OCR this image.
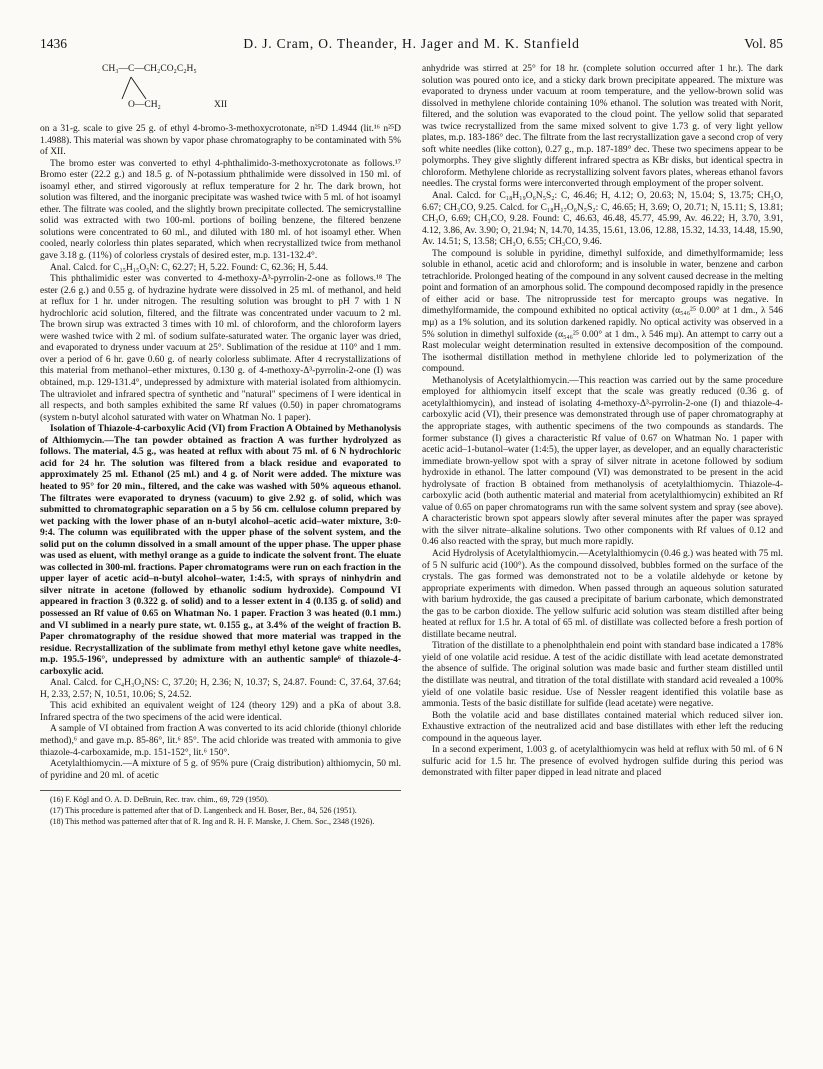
1436	D. J. Cram, O. Theander, H. Jager and M. K. Stanfield	Vol. 85
CH₃—C—CH₂CO₂C₂H₅
O—CH₂	XII

on a 31-g. scale to give 25 g. of ethyl 4-bromo-3-methoxycrotonate, n²⁵D 1.4944 (lit.¹⁶ n²⁵D 1.4988). This material was shown by vapor phase chromatography to be contaminated with 5% of XII.

The bromo ester was converted to ethyl 4-phthalimido-3-methoxycrotonate as follows.¹⁷ Bromo ester (22.2 g.) and 18.5 g. of N-potassium phthalimide were dissolved in 150 ml. of isoamyl ether, and stirred vigorously at reflux temperature for 2 hr. The dark brown, hot solution was filtered, and the inorganic precipitate was washed twice with 5 ml. of hot isoamyl ether. The filtrate was cooled, and the slightly brown precipitate collected. The semicrystalline solid was extracted with two 100-ml. portions of boiling benzene, the filtered benzene solutions were concentrated to 60 ml., and diluted with 180 ml. of hot isoamyl ether. When cooled, nearly colorless thin plates separated, which when recrystallized twice from methanol gave 3.18 g. (11%) of colorless crystals of desired ester, m.p. 131-132.4°.

Anal. Calcd. for C₁₅H₁₅O₅N: C, 62.27; H, 5.22. Found: C, 62.36; H, 5.44.

This phthalimidic ester was converted to 4-methoxy-Δ³-pyrrolin-2-one as follows.¹⁸ The ester (2.6 g.) and 0.55 g. of hydrazine hydrate were dissolved in 25 ml. of methanol, and held at reflux for 1 hr. under nitrogen. The resulting solution was brought to pH 7 with 1 N hydrochloric acid solution, filtered, and the filtrate was concentrated under vacuum to 2 ml. The brown sirup was extracted 3 times with 10 ml. of chloroform, and the chloroform layers were washed twice with 2 ml. of sodium sulfate-saturated water. The organic layer was dried, and evaporated to dryness under vacuum at 25°. Sublimation of the residue at 110° and 1 mm. over a period of 6 hr. gave 0.60 g. of nearly colorless sublimate. After 4 recrystallizations of this material from methanol–ether mixtures, 0.130 g. of 4-methoxy-Δ³-pyrrolin-2-one (I) was obtained, m.p. 129-131.4°, undepressed by admixture with material isolated from althiomycin. The ultraviolet and infrared spectra of synthetic and "natural" specimens of I were identical in all respects, and both samples exhibited the same Rf values (0.50) in paper chromatograms (system n-butyl alcohol saturated with water on Whatman No. 1 paper).

Isolation of Thiazole-4-carboxylic Acid (VI) from Fraction A Obtained by Methanolysis of Althiomycin.—The tan powder obtained as fraction A was further hydrolyzed as follows. The material, 4.5 g., was heated at reflux with about 75 ml. of 6 N hydrochloric acid for 24 hr. The solution was filtered from a black residue and evaporated to approximately 25 ml. Ethanol (25 ml.) and 4 g. of Norit were added. The mixture was heated to 95° for 20 min., filtered, and the cake was washed with 50% aqueous ethanol. The filtrates were evaporated to dryness (vacuum) to give 2.92 g. of solid, which was submitted to chromatographic separation on a 5 by 56 cm. cellulose column prepared by wet packing with the lower phase of an n-butyl alcohol–acetic acid–water mixture, 3:0-9:4. The column was equilibrated with the upper phase of the solvent system, and the solid put on the column dissolved in a small amount of the upper phase. The upper phase was used as eluent, with methyl orange as a guide to indicate the solvent front. The eluate was collected in 300-ml. fractions. Paper chromatograms were run on each fraction in the upper layer of acetic acid–n-butyl alcohol–water, 1:4:5, with sprays of ninhydrin and silver nitrate in acetone (followed by ethanolic sodium hydroxide). Compound VI appeared in fraction 3 (0.322 g. of solid) and to a lesser extent in 4 (0.135 g. of solid) and possessed an Rf value of 0.65 on Whatman No. 1 paper. Fraction 3 was heated (0.1 mm.) and VI sublimed in a nearly pure state, wt. 0.155 g., at 3.4% of the weight of fraction B. Paper chromatography of the residue showed that more material was trapped in the residue. Recrystallization of the sublimate from methyl ethyl ketone gave white needles, m.p. 195.5-196°, undepressed by admixture with an authentic sample⁶ of thiazole-4-carboxylic acid.

Anal. Calcd. for C₄H₃O₂NS: C, 37.20; H, 2.36; N, 10.37; S, 24.87. Found: C, 37.64, 37.64; H, 2.33, 2.57; N, 10.51, 10.06; S, 24.52.

This acid exhibited an equivalent weight of 124 (theory 129) and a pKa of about 3.8. Infrared spectra of the two specimens of the acid were identical.

A sample of VI obtained from fraction A was converted to its acid chloride (thionyl chloride method),⁶ and gave m.p. 85-86°, lit.⁶ 85°. The acid chloride was treated with ammonia to give thiazole-4-carboxamide, m.p. 151-152°, lit.⁶ 150°.

Acetylalthiomycin.—A mixture of 5 g. of 95% pure (Craig distribution) althiomycin, 50 ml. of pyridine and 20 ml. of acetic

(16) F. Kögl and O. A. D. DeBruin, Rec. trav. chim., 69, 729 (1950).

(17) This procedure is patterned after that of D. Langenbeck and H. Boser, Ber., 84, 526 (1951).

(18) This method was patterned after that of R. Ing and R. H. F. Manske, J. Chem. Soc., 2348 (1926).

anhydride was stirred at 25° for 18 hr. (complete solution occurred after 1 hr.). The dark solution was poured onto ice, and a sticky dark brown precipitate appeared. The mixture was evaporated to dryness under vacuum at room temperature, and the yellow-brown solid was dissolved in methylene chloride containing 10% ethanol. The solution was treated with Norit, filtered, and the solution was evaporated to the cloud point. The yellow solid that separated was twice recrystallized from the same mixed solvent to give 1.73 g. of very light yellow plates, m.p. 183-186° dec. The filtrate from the last recrystallization gave a second crop of very soft white needles (like cotton), 0.27 g., m.p. 187-189° dec. These two specimens appear to be polymorphs. They give slightly different infrared spectra as KBr disks, but identical spectra in chloroform. Methylene chloride as recrystallizing solvent favors plates, whereas ethanol favors needles. The crystal forms were interconverted through employment of the proper solvent.

Anal. Calcd. for C₁₈H₁₉O₆N₅S₂: C, 46.46; H, 4.12; O, 20.63; N, 15.04; S, 13.75; CH₃O, 6.67; CH₃CO, 9.25. Calcd. for C₁₈H₁₇O₆N₅S₂: C, 46.65; H, 3.69; O, 20.71; N, 15.11; S, 13.81; CH₃O, 6.69; CH₃CO, 9.28. Found: C, 46.63, 46.48, 45.77, 45.99, Av. 46.22; H, 3.70, 3.91, 4.12, 3.86, Av. 3.90; O, 21.94; N, 14.70, 14.35, 15.61, 13.06, 12.88, 15.32, 14.33, 14.48, 15.90, Av. 14.51; S, 13.58; CH₃O, 6.55; CH₃CO, 9.46.

The compound is soluble in pyridine, dimethyl sulfoxide, and dimethylformamide; less soluble in ethanol, acetic acid and chloroform; and is insoluble in water, benzene and carbon tetrachloride. Prolonged heating of the compound in any solvent caused decrease in the melting point and formation of an amorphous solid. The compound decomposed rapidly in the presence of either acid or base. The nitroprusside test for mercapto groups was negative. In dimethylformamide, the compound exhibited no optical activity (α₅₄₆²⁵ 0.00° at 1 dm., λ 546 mμ) as a 1% solution, and its solution darkened rapidly. No optical activity was observed in a 5% solution in dimethyl sulfoxide (α₅₄₆²⁵ 0.00° at 1 dm., λ 546 mμ). An attempt to carry out a Rast molecular weight determination resulted in extensive decomposition of the compound. The isothermal distillation method in methylene chloride led to polymerization of the compound.

Methanolysis of Acetylalthiomycin.—This reaction was carried out by the same procedure employed for althiomycin itself except that the scale was greatly reduced (0.36 g. of acetylalthiomycin), and instead of isolating 4-methoxy-Δ³-pyrrolin-2-one (I) and thiazole-4-carboxylic acid (VI), their presence was demonstrated through use of paper chromatography at the appropriate stages, with authentic specimens of the two compounds as standards. The former substance (I) gives a characteristic Rf value of 0.67 on Whatman No. 1 paper with acetic acid–1-butanol–water (1:4:5), the upper layer, as developer, and an equally characteristic immediate brown-yellow spot with a spray of silver nitrate in acetone followed by sodium hydroxide in ethanol. The latter compound (VI) was demonstrated to be present in the acid hydrolysate of fraction B obtained from methanolysis of acetylalthiomycin. Thiazole-4-carboxylic acid (both authentic material and material from acetylalthiomycin) exhibited an Rf value of 0.65 on paper chromatograms run with the same solvent system and spray (see above). A characteristic brown spot appears slowly after several minutes after the paper was sprayed with the silver nitrate–alkaline solutions. Two other components with Rf values of 0.12 and 0.46 also reacted with the spray, but much more rapidly.

Acid Hydrolysis of Acetylalthiomycin.—Acetylalthiomycin (0.46 g.) was heated with 75 ml. of 5 N sulfuric acid (100°). As the compound dissolved, bubbles formed on the surface of the crystals. The gas formed was demonstrated not to be a volatile aldehyde or ketone by appropriate experiments with dimedon. When passed through an aqueous solution saturated with barium hydroxide, the gas caused a precipitate of barium carbonate, which demonstrated the gas to be carbon dioxide. The yellow sulfuric acid solution was steam distilled after being heated at reflux for 1.5 hr. A total of 65 ml. of distillate was collected before a fresh portion of distillate became neutral.

Titration of the distillate to a phenolphthalein end point with standard base indicated a 178% yield of one volatile acid residue. A test of the acidic distillate with lead acetate demonstrated the absence of sulfide. The original solution was made basic and further steam distilled until the distillate was neutral, and titration of the total distillate with standard acid revealed a 100% yield of one volatile basic residue. Use of Nessler reagent identified this volatile base as ammonia. Tests of the basic distillate for sulfide (lead acetate) were negative.

Both the volatile acid and base distillates contained material which reduced silver ion. Exhaustive extraction of the neutralized acid and base distillates with ether left the reducing compound in the aqueous layer.

In a second experiment, 1.003 g. of acetylalthiomycin was held at reflux with 50 ml. of 6 N sulfuric acid for 1.5 hr. The presence of evolved hydrogen sulfide during this period was demonstrated with filter paper dipped in lead nitrate and placed
